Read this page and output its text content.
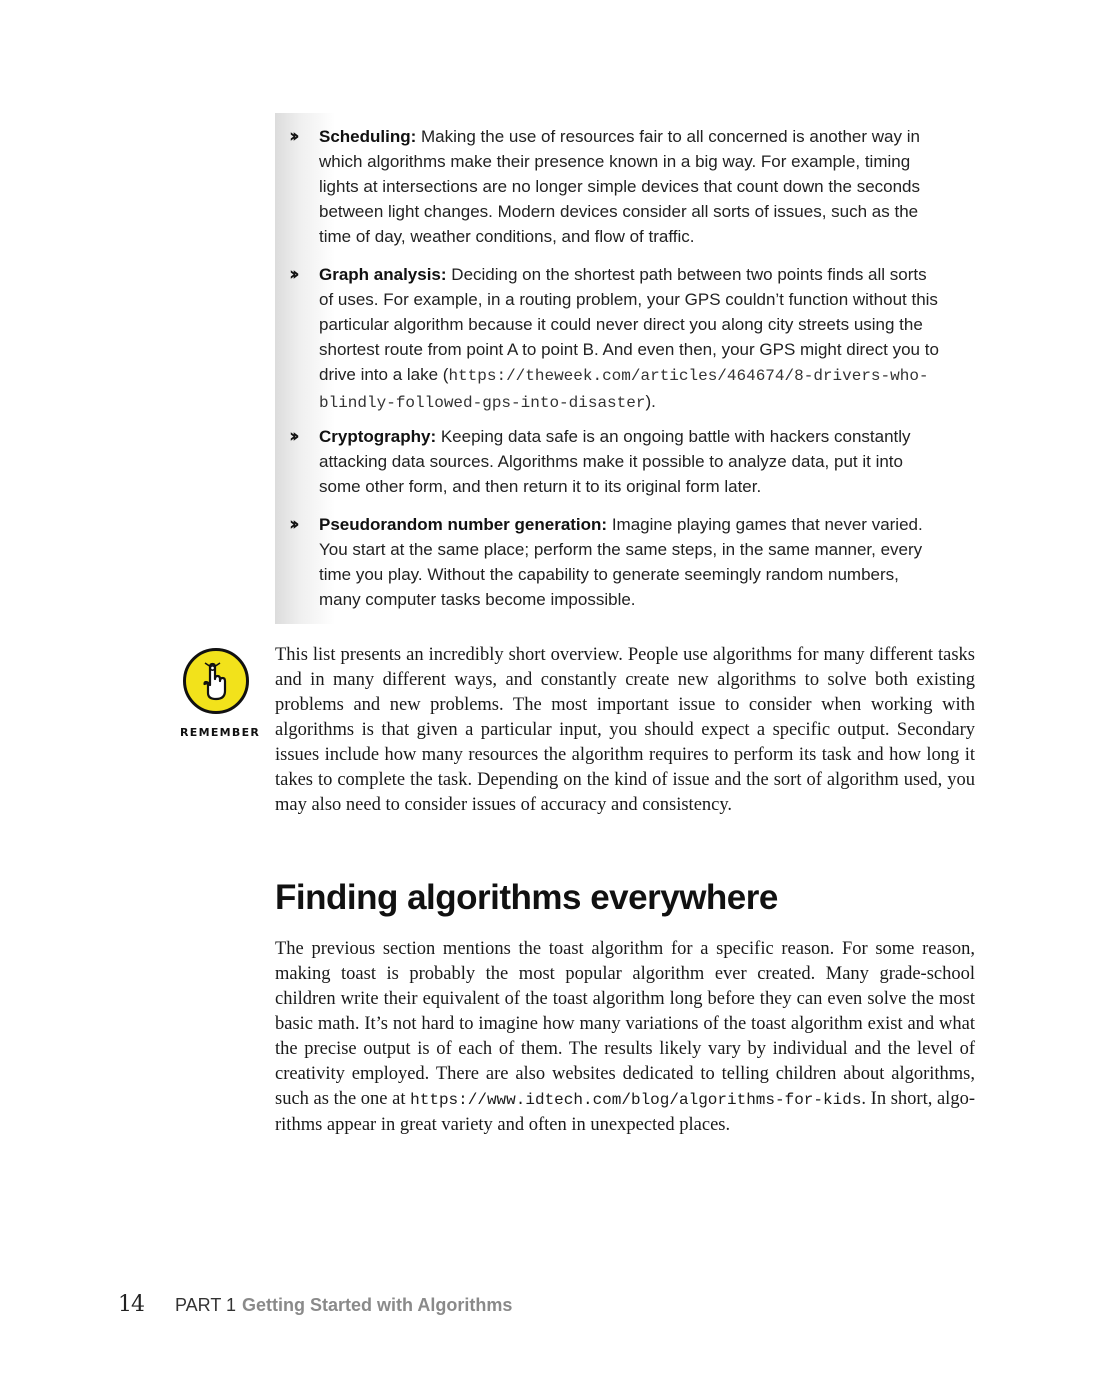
›› Scheduling: Making the use of resources fair to all concerned is another way in which algorithms make their presence known in a big way. For example, timing lights at intersections are no longer simple devices that count down the seconds between light changes. Modern devices consider all sorts of issues, such as the time of day, weather conditions, and flow of traffic.
›› Graph analysis: Deciding on the shortest path between two points finds all sorts of uses. For example, in a routing problem, your GPS couldn’t function without this particular algorithm because it could never direct you along city streets using the shortest route from point A to point B. And even then, your GPS might direct you to drive into a lake (https://theweek.com/articles/464674/8-drivers-who-blindly-followed-gps-into-disaster).
›› Cryptography: Keeping data safe is an ongoing battle with hackers constantly attacking data sources. Algorithms make it possible to analyze data, put it into some other form, and then return it to its original form later.
›› Pseudorandom number generation: Imagine playing games that never varied. You start at the same place; perform the same steps, in the same manner, every time you play. Without the capability to generate seemingly random numbers, many computer tasks become impossible.
REMEMBER
This list presents an incredibly short overview. People use algorithms for many different tasks and in many different ways, and constantly create new algorithms to solve both existing problems and new problems. The most important issue to consider when working with algorithms is that given a particular input, you should expect a specific output. Secondary issues include how many resources the algorithm requires to perform its task and how long it takes to complete the task. Depending on the kind of issue and the sort of algorithm used, you may also need to consider issues of accuracy and consistency.
Finding algorithms everywhere
The previous section mentions the toast algorithm for a specific reason. For some reason, making toast is probably the most popular algorithm ever created. Many grade-school children write their equivalent of the toast algorithm long before they can even solve the most basic math. It’s not hard to imagine how many variations of the toast algorithm exist and what the precise output is of each of them. The results likely vary by individual and the level of creativity employed. There are also websites dedicated to telling children about algorithms, such as the one at https://www.idtech.com/blog/algorithms-for-kids. In short, algorithms appear in great variety and often in unexpected places.
14 PART 1 Getting Started with Algorithms
